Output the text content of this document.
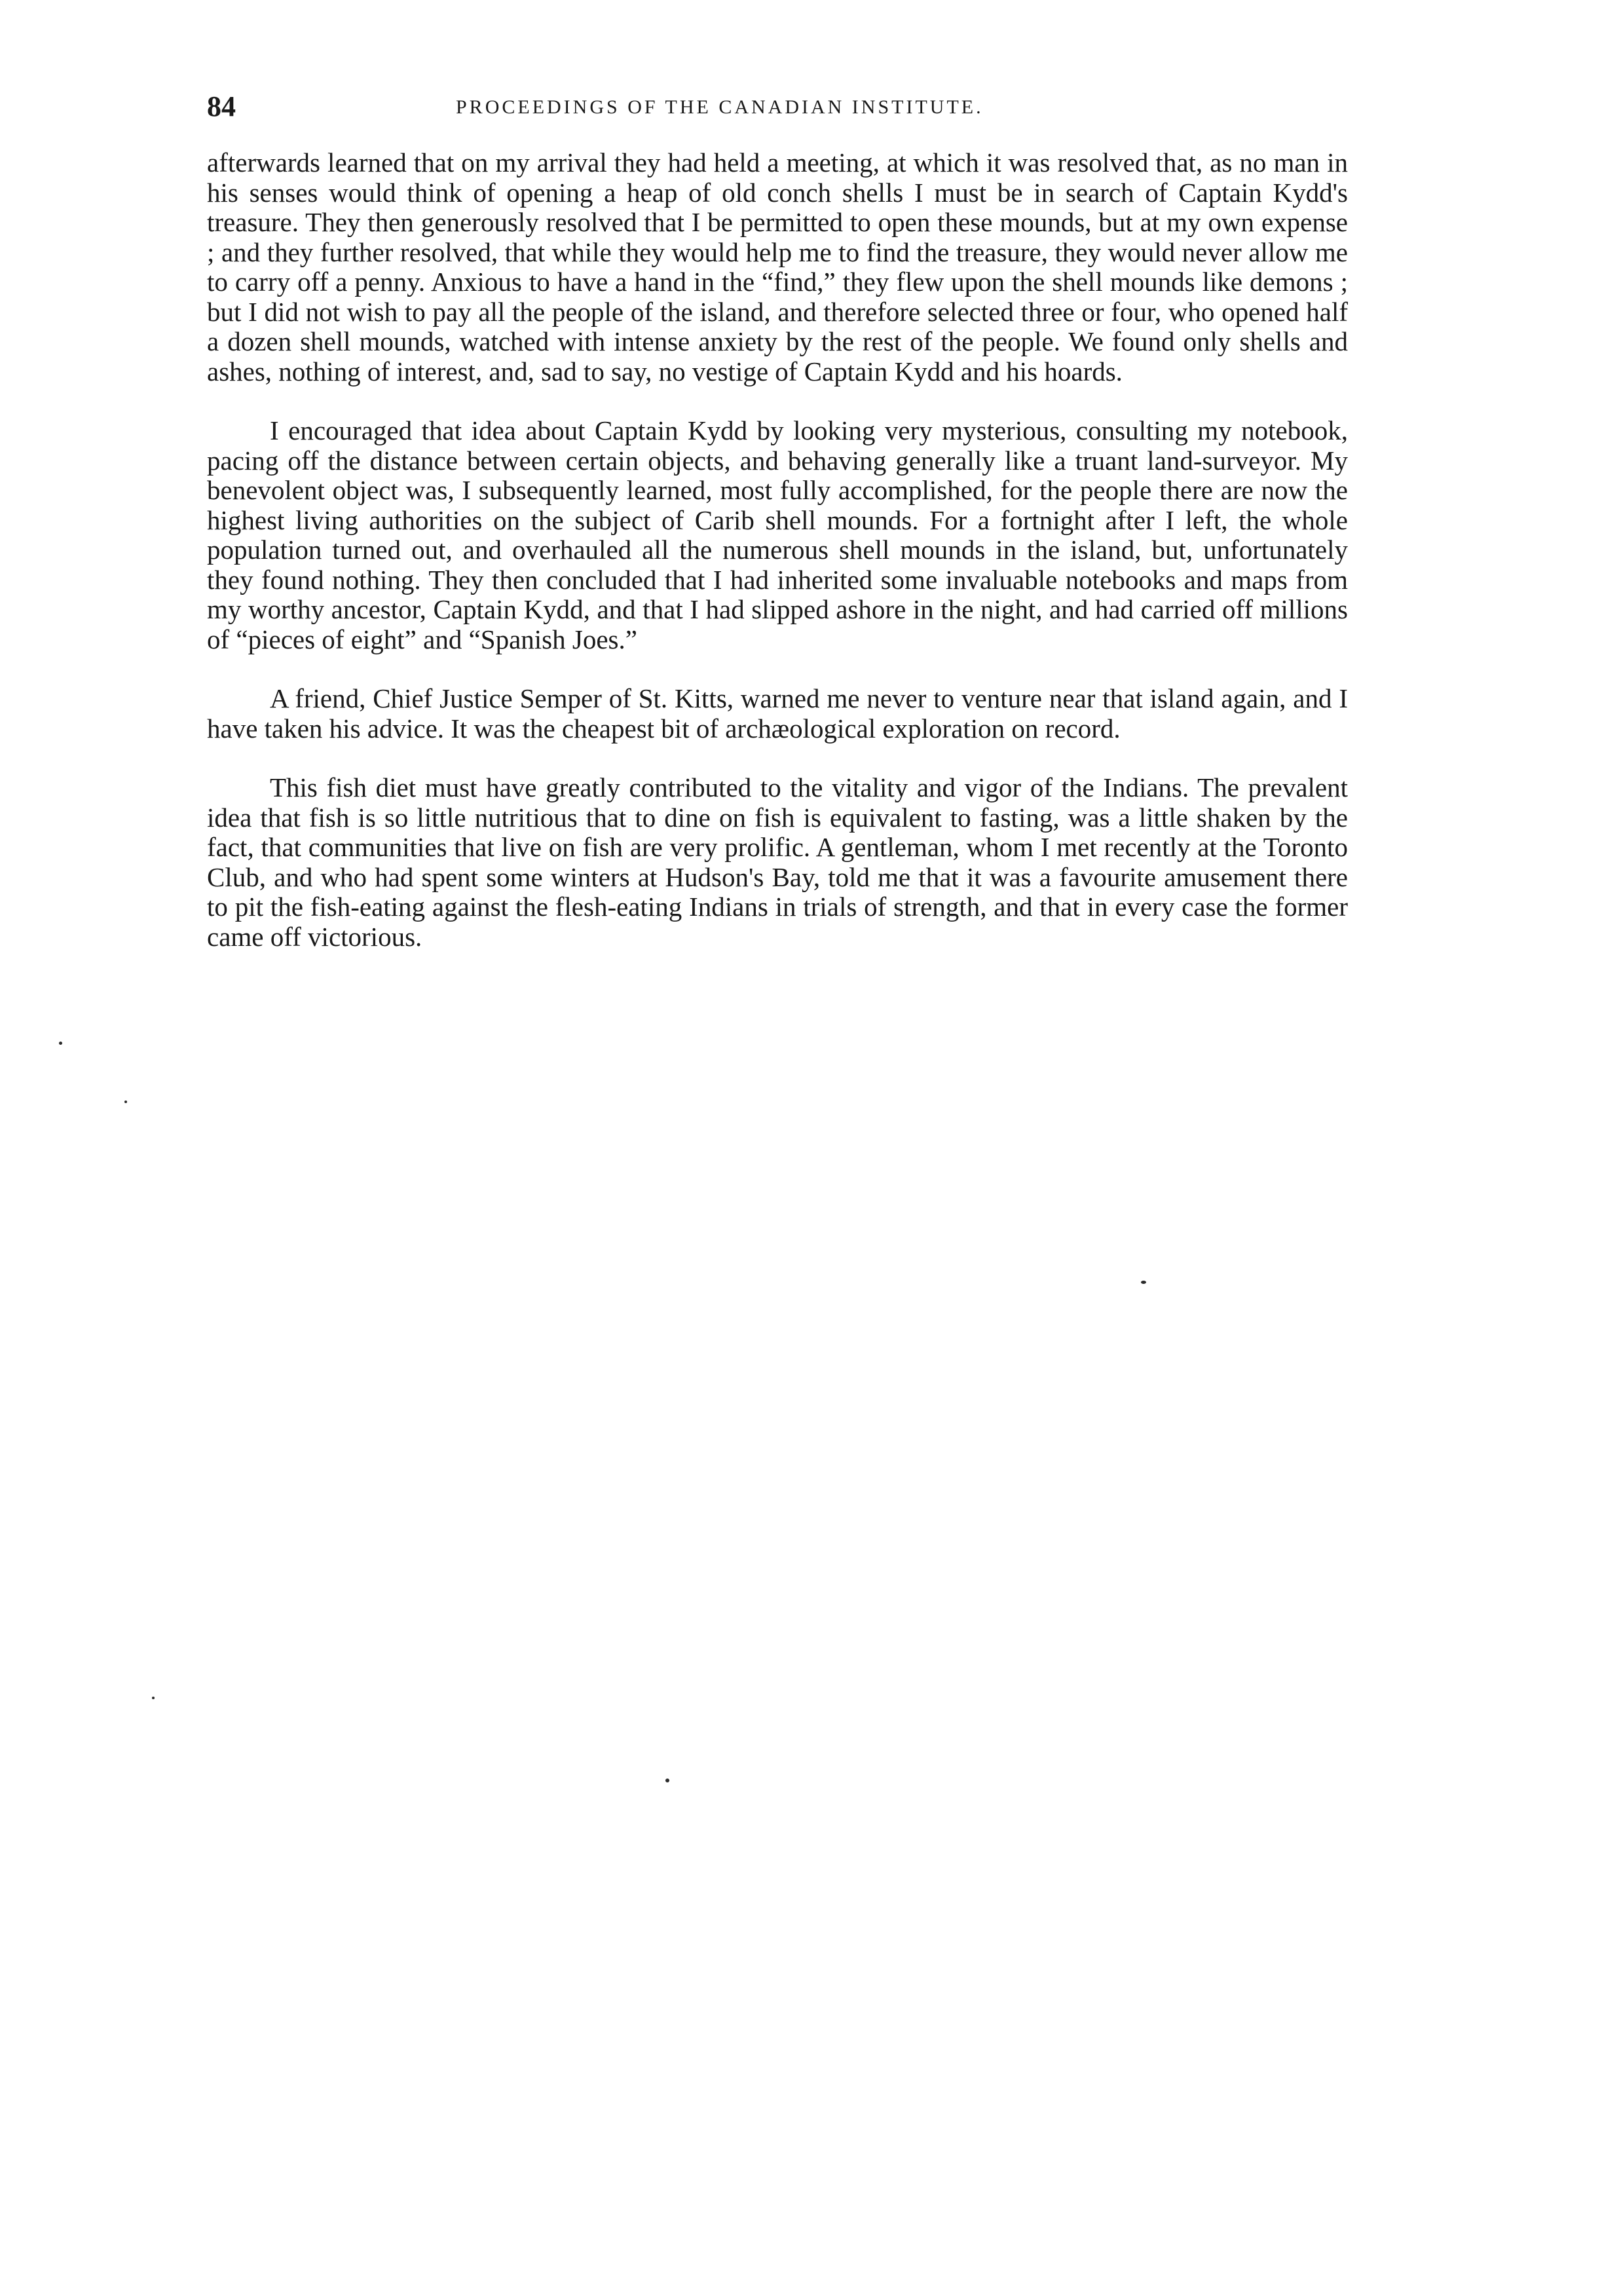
84	PROCEEDINGS OF THE CANADIAN INSTITUTE.

afterwards learned that on my arrival they had held a meeting, at which it was resolved that, as no man in his senses would think of opening a heap of old conch shells I must be in search of Captain Kydd's treasure. They then generously resolved that I be permitted to open these mounds, but at my own expense ; and they further resolved, that while they would help me to find the treasure, they would never allow me to carry off a penny. Anxious to have a hand in the “find,” they flew upon the shell mounds like demons ; but I did not wish to pay all the people of the island, and therefore selected three or four, who opened half a dozen shell mounds, watched with intense anxiety by the rest of the people. We found only shells and ashes, nothing of interest, and, sad to say, no vestige of Captain Kydd and his hoards.

I encouraged that idea about Captain Kydd by looking very mysterious, consulting my notebook, pacing off the distance between certain objects, and behaving generally like a truant land-surveyor. My benevolent object was, I subsequently learned, most fully accomplished, for the people there are now the highest living authorities on the subject of Carib shell mounds. For a fortnight after I left, the whole population turned out, and overhauled all the numerous shell mounds in the island, but, unfortunately they found nothing. They then concluded that I had inherited some invaluable notebooks and maps from my worthy ancestor, Captain Kydd, and that I had slipped ashore in the night, and had carried off millions of “pieces of eight” and “Spanish Joes.”

A friend, Chief Justice Semper of St. Kitts, warned me never to venture near that island again, and I have taken his advice. It was the cheapest bit of archæological exploration on record.

This fish diet must have greatly contributed to the vitality and vigor of the Indians. The prevalent idea that fish is so little nutritious that to dine on fish is equivalent to fasting, was a little shaken by the fact, that communities that live on fish are very prolific. A gentleman, whom I met recently at the Toronto Club, and who had spent some winters at Hudson's Bay, told me that it was a favourite amusement there to pit the fish-eating against the flesh-eating Indians in trials of strength, and that in every case the former came off victorious.
